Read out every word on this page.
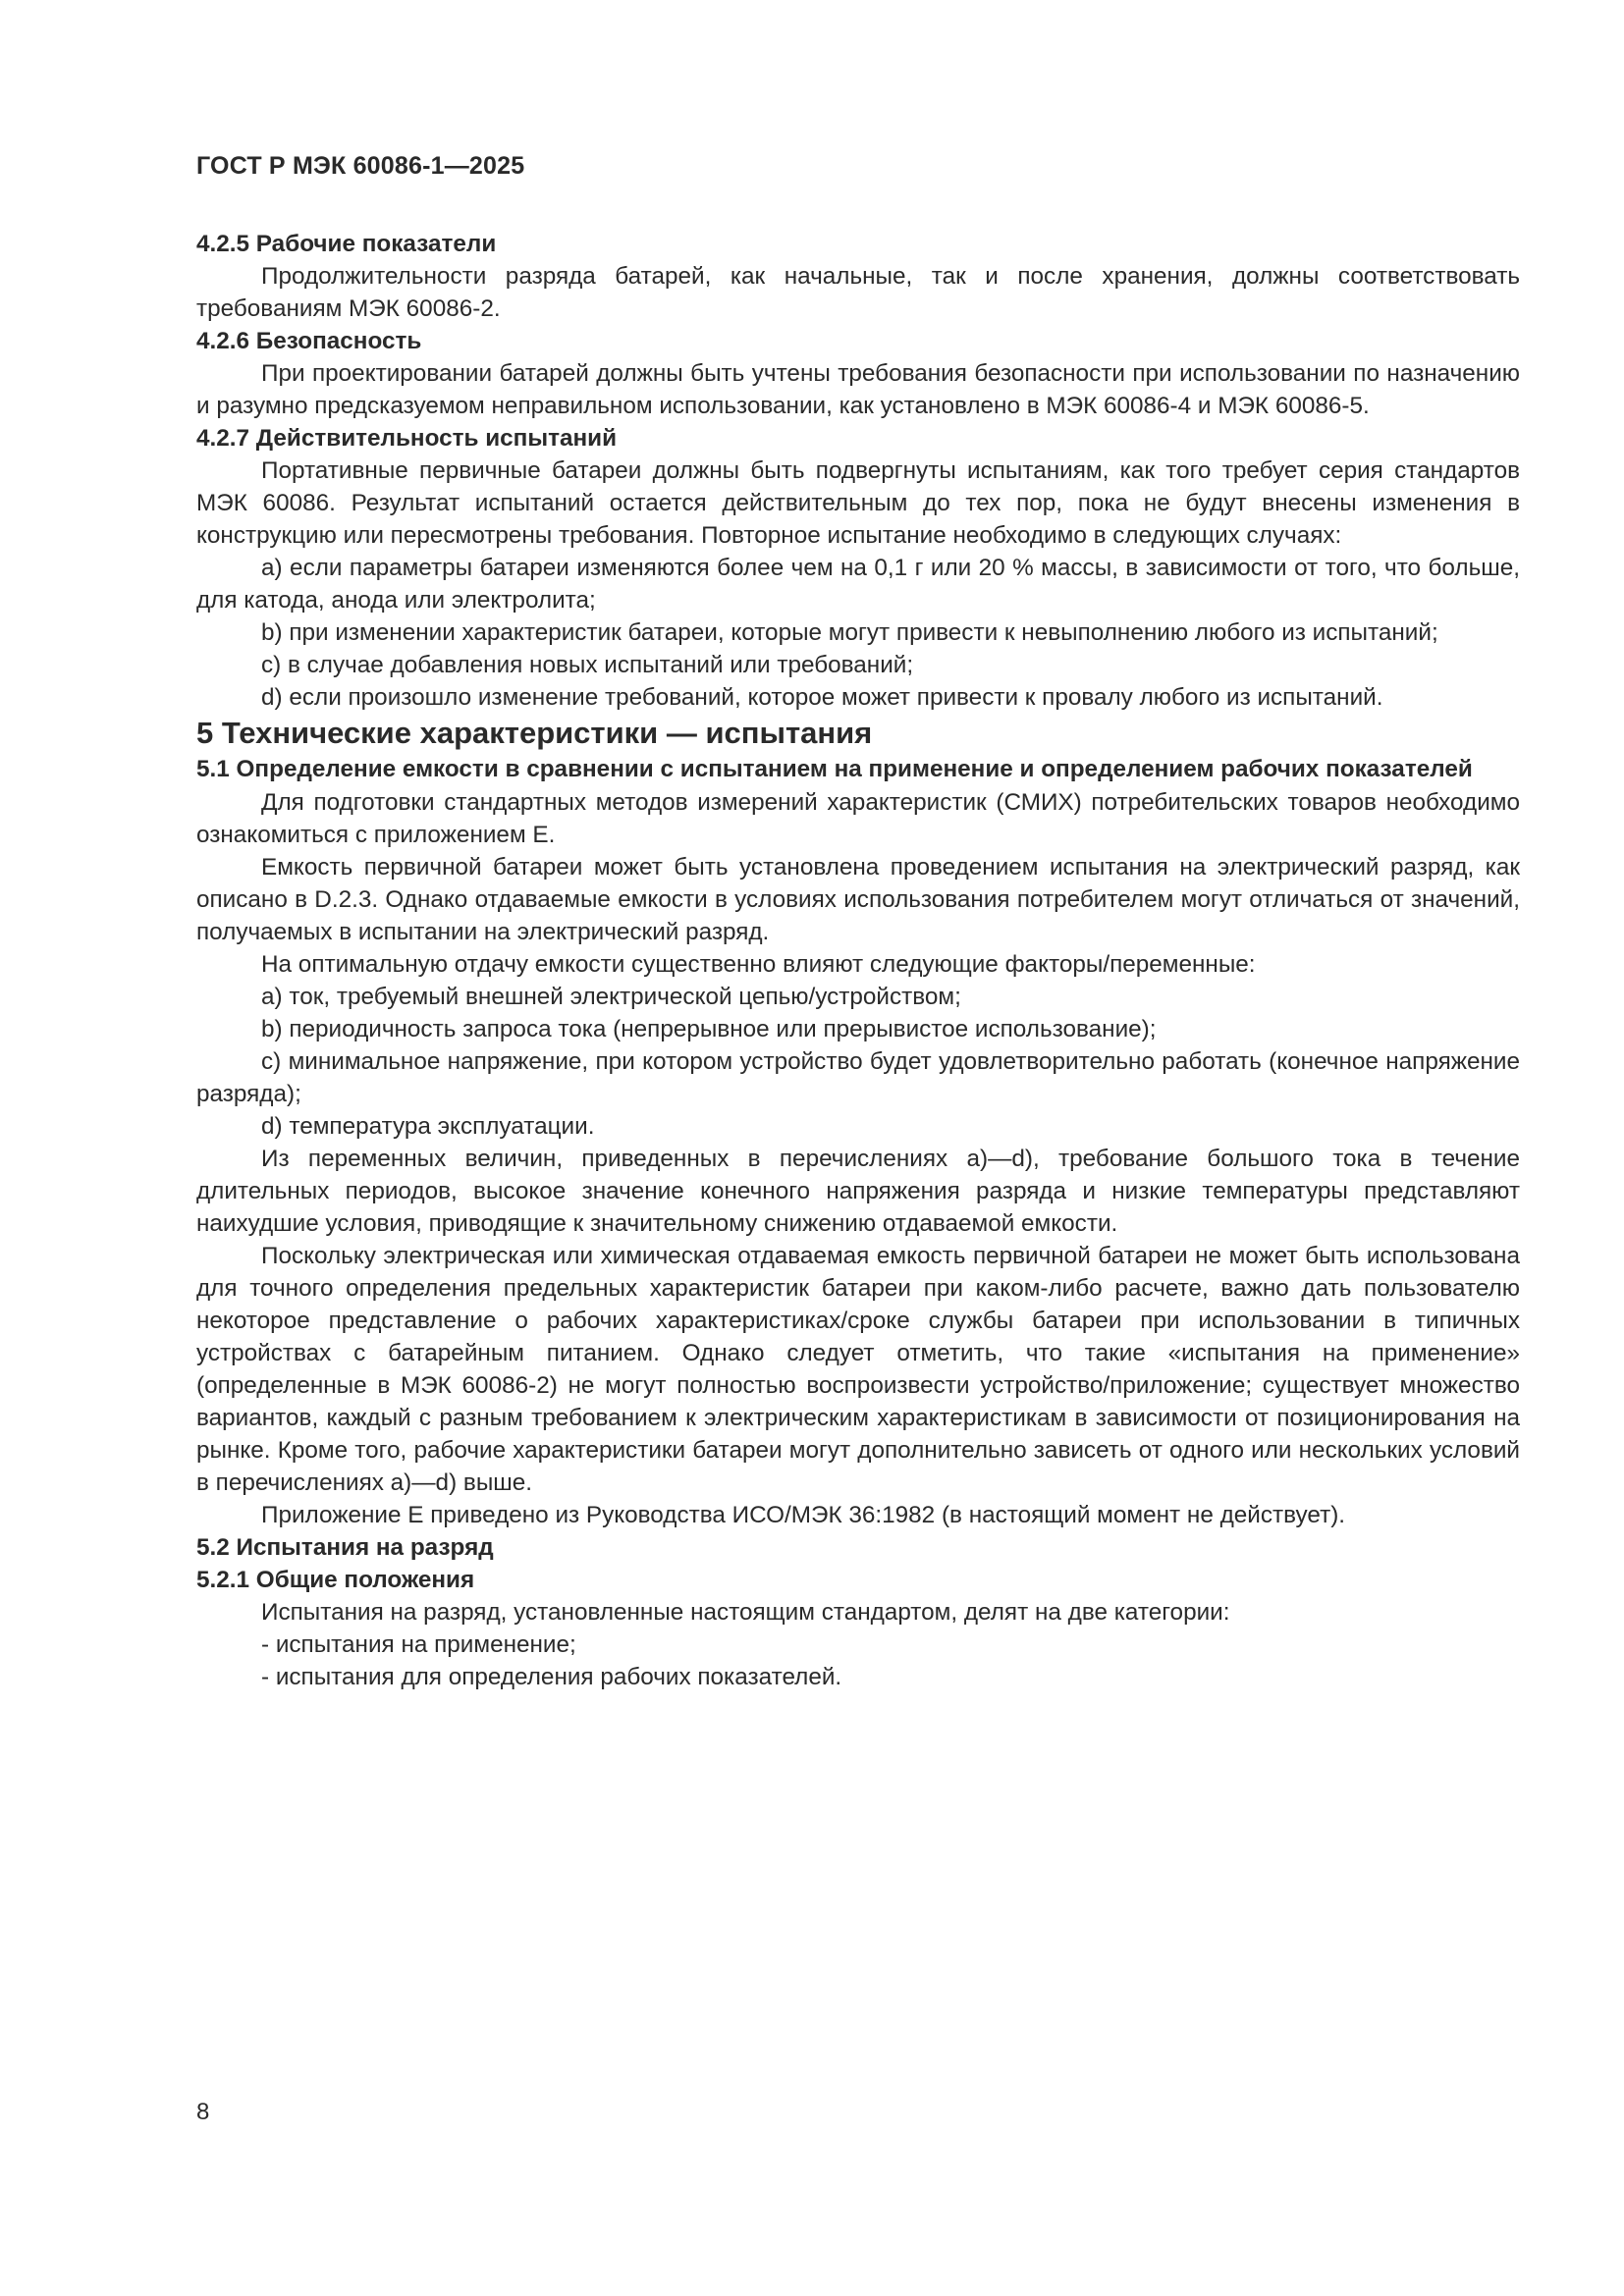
ГОСТ Р МЭК 60086-1—2025

4.2.5 Рабочие показатели

Продолжительности разряда батарей, как начальные, так и после хранения, должны соответствовать требованиям МЭК 60086-2.

4.2.6 Безопасность

При проектировании батарей должны быть учтены требования безопасности при использовании по назначению и разумно предсказуемом неправильном использовании, как установлено в МЭК 60086-4 и МЭК 60086-5.

4.2.7 Действительность испытаний

Портативные первичные батареи должны быть подвергнуты испытаниям, как того требует серия стандартов МЭК 60086. Результат испытаний остается действительным до тех пор, пока не будут внесены изменения в конструкцию или пересмотрены требования. Повторное испытание необходимо в следующих случаях:

a) если параметры батареи изменяются более чем на 0,1 г или 20 % массы, в зависимости от того, что больше, для катода, анода или электролита;

b) при изменении характеристик батареи, которые могут привести к невыполнению любого из испытаний;

c) в случае добавления новых испытаний или требований;

d) если произошло изменение требований, которое может привести к провалу любого из испытаний.

5 Технические характеристики — испытания

5.1 Определение емкости в сравнении с испытанием на применение и определением рабочих показателей

Для подготовки стандартных методов измерений характеристик (СМИХ) потребительских товаров необходимо ознакомиться с приложением Е.

Емкость первичной батареи может быть установлена проведением испытания на электрический разряд, как описано в D.2.3. Однако отдаваемые емкости в условиях использования потребителем могут отличаться от значений, получаемых в испытании на электрический разряд.

На оптимальную отдачу емкости существенно влияют следующие факторы/переменные:

a) ток, требуемый внешней электрической цепью/устройством;

b) периодичность запроса тока (непрерывное или прерывистое использование);

c) минимальное напряжение, при котором устройство будет удовлетворительно работать (конечное напряжение разряда);

d) температура эксплуатации.

Из переменных величин, приведенных в перечислениях a)—d), требование большого тока в течение длительных периодов, высокое значение конечного напряжения разряда и низкие температуры представляют наихудшие условия, приводящие к значительному снижению отдаваемой емкости.

Поскольку электрическая или химическая отдаваемая емкость первичной батареи не может быть использована для точного определения предельных характеристик батареи при каком-либо расчете, важно дать пользователю некоторое представление о рабочих характеристиках/сроке службы батареи при использовании в типичных устройствах с батарейным питанием. Однако следует отметить, что такие «испытания на применение» (определенные в МЭК 60086-2) не могут полностью воспроизвести устройство/приложение; существует множество вариантов, каждый с разным требованием к электрическим характеристикам в зависимости от позиционирования на рынке. Кроме того, рабочие характеристики батареи могут дополнительно зависеть от одного или нескольких условий в перечислениях a)—d) выше.

Приложение Е приведено из Руководства ИСО/МЭК 36:1982 (в настоящий момент не действует).

5.2 Испытания на разряд

5.2.1 Общие положения

Испытания на разряд, установленные настоящим стандартом, делят на две категории:

- испытания на применение;

- испытания для определения рабочих показателей.

8
